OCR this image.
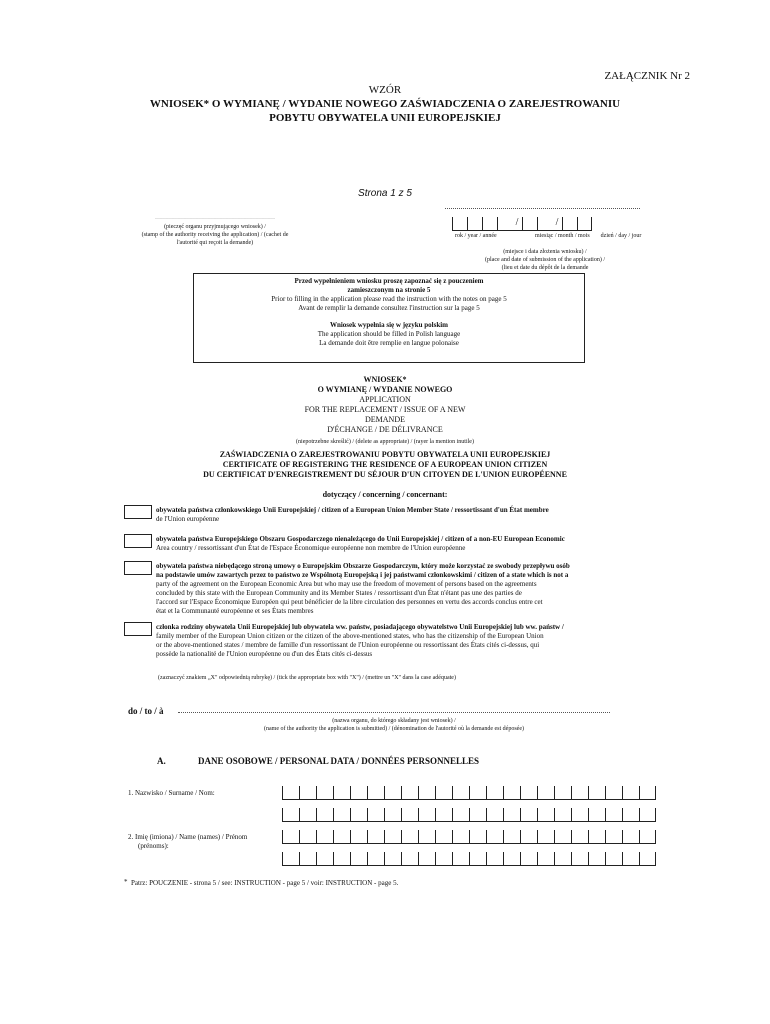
ZAŁĄCZNIK Nr 2
WZÓR
WNIOSEK* O WYMIANĘ / WYDANIE NOWEGO ZAŚWIADCZENIA O ZAREJESTROWANIU
POBYTU OBYWATELA UNII EUROPEJSKIEJ
Strona 1 z 5
……………………………………………………
(pieczęć organu przyjmującego wniosek) /
(stamp of the authority receiving the application) / (cachet de
l'autorité qui reçoit la demande)
/	/
rok / year / année	miesiąc / month / mois	dzień / day / jour
(miejsce i data złożenia wniosku) /
(place and date of submission of the application) /
(lieu et date du dépôt de la demande
Przed wypełnieniem wniosku proszę zapoznać się z pouczeniem
zamieszczonym na stronie 5
Prior to filling in the application please read the instruction with the notes on page 5
Avant de remplir la demande consultez l'instruction sur la page 5
Wniosek wypełnia się w języku polskim
The application should be filled in Polish language
La demande doit être remplie en langue polonaise
WNIOSEK*
O WYMIANĘ / WYDANIE NOWEGO
APPLICATION
FOR THE REPLACEMENT / ISSUE OF A NEW
DEMANDE
D'ÉCHANGE / DE DÉLIVRANCE
(niepotrzebne skreślić) / (delete as appropriate) / (rayer la mention inutile)
ZAŚWIADCZENIA O ZAREJESTROWANIU POBYTU OBYWATELA UNII EUROPEJSKIEJ
CERTIFICATE OF REGISTERING THE RESIDENCE OF A EUROPEAN UNION CITIZEN
DU CERTIFICAT D'ENREGISTREMENT DU SÉJOUR D'UN CITOYEN DE L'UNION EUROPÉENNE
dotyczący / concerning / concernant:
obywatela państwa członkowskiego Unii Europejskiej / citizen of a European Union Member State / ressortissant d'un État membre
de l'Union européenne
obywatela państwa Europejskiego Obszaru Gospodarczego nienależącego do Unii Europejskiej / citizen of a non-EU European Economic
Area country / ressortissant d'un État de l'Espace Économique européenne non membre de l'Union européenne
obywatela państwa niebędącego stroną umowy o Europejskim Obszarze Gospodarczym, który może korzystać ze swobody przepływu osób
na podstawie umów zawartych przez to państwo ze Wspólnotą Europejską i jej państwami członkowskimi / citizen of a state which is not a
party of the agreement on the European Economic Area but who may use the freedom of movement of persons based on the agreements
concluded by this state with the European Community and its Member States / ressortissant d'un État n'étant pas une des parties de
l'accord sur l'Espace Économique Européen qui peut bénéficier de la libre circulation des personnes en vertu des accords conclus entre cet
état et la Communauté européenne et ses États membres
członka rodziny obywatela Unii Europejskiej lub obywatela ww. państw, posiadającego obywatelstwo Unii Europejskiej lub ww. państw /
family member of the European Union citizen or the citizen of the above-mentioned states, who has the citizenship of the European Union
or the above-mentioned states / membre de famille d'un ressortissant de l'Union européenne ou ressortissant des États cités ci-dessus, qui
possède la nationalité de l'Union européenne ou d'un des États cités ci-dessus
(zaznaczyć znakiem „X" odpowiednią rubrykę) / (tick the appropriate box with "X") / (mettre un "X" dans la case adéquate)
do / to / à
(nazwa organu, do którego składany jest wniosek) /
(name of the authority the application is submitted) / (dénomination de l'autorité où la demande est déposée)
A.	DANE OSOBOWE / PERSONAL DATA / DONNÉES PERSONNELLES
1. Nazwisko / Surname / Nom:
2. Imię (imiona) / Name (names) / Prénom
(prénoms):
* Patrz: POUCZENIE - strona 5 / see: INSTRUCTION - page 5 / voir: INSTRUCTION - page 5.
